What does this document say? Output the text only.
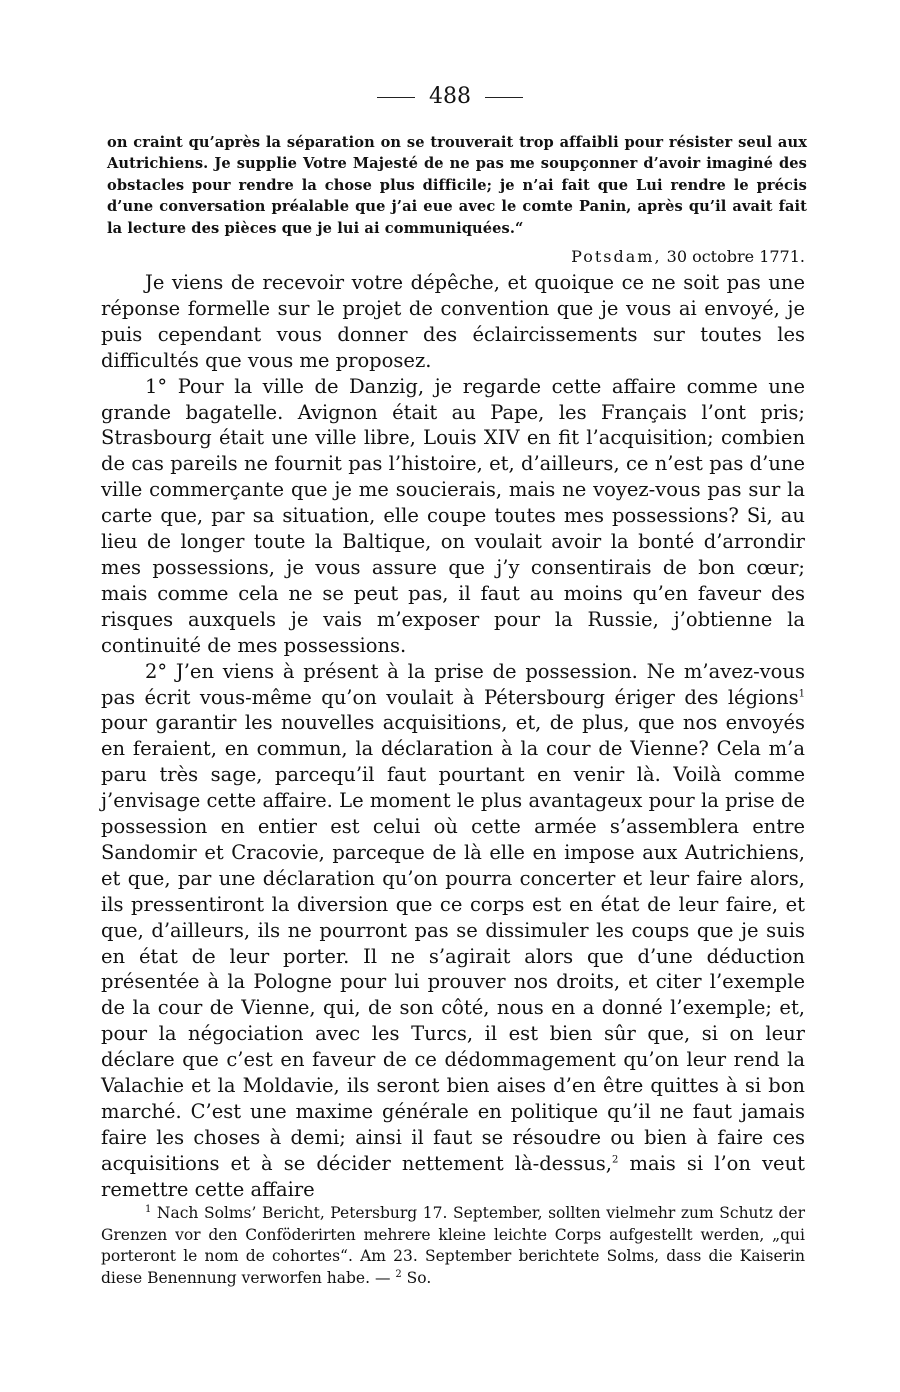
488
on craint qu’après la séparation on se trouverait trop affaibli pour résister seul aux Autrichiens. Je supplie Votre Majesté de ne pas me soupçonner d’avoir imaginé des obstacles pour rendre la chose plus difficile; je n’ai fait que Lui rendre le précis d’une conversation préalable que j’ai eue avec le comte Panin, après qu’il avait fait la lecture des pièces que je lui ai communiquées.“
Potsdam, 30 octobre 1771.

Je viens de recevoir votre dépêche, et quoique ce ne soit pas une réponse formelle sur le projet de convention que je vous ai envoyé, je puis cependant vous donner des éclaircissements sur toutes les difficultés que vous me proposez.

1° Pour la ville de Danzig, je regarde cette affaire comme une grande bagatelle. Avignon était au Pape, les Français l’ont pris; Strasbourg était une ville libre, Louis XIV en fit l’acquisition; combien de cas pareils ne fournit pas l’histoire, et, d’ailleurs, ce n’est pas d’une ville commerçante que je me soucierais, mais ne voyez-vous pas sur la carte que, par sa situation, elle coupe toutes mes possessions? Si, au lieu de longer toute la Baltique, on voulait avoir la bonté d’arrondir mes possessions, je vous assure que j’y consentirais de bon cœur; mais comme cela ne se peut pas, il faut au moins qu’en faveur des risques auxquels je vais m’exposer pour la Russie, j’obtienne la continuité de mes possessions.

2° J’en viens à présent à la prise de possession. Ne m’avez-vous pas écrit vous-même qu’on voulait à Pétersbourg ériger des légions$^1$ pour garantir les nouvelles acquisitions, et, de plus, que nos envoyés en feraient, en commun, la déclaration à la cour de Vienne? Cela m’a paru très sage, parcequ’il faut pourtant en venir là. Voilà comme j’envisage cette affaire. Le moment le plus avantageux pour la prise de possession en entier est celui où cette armée s’assemblera entre Sandomir et Cracovie, parceque de là elle en impose aux Autrichiens, et que, par une déclaration qu’on pourra concerter et leur faire alors, ils pressentiront la diversion que ce corps est en état de leur faire, et que, d’ailleurs, ils ne pourront pas se dissimuler les coups que je suis en état de leur porter. Il ne s’agirait alors que d’une déduction présentée à la Pologne pour lui prouver nos droits, et citer l’exemple de la cour de Vienne, qui, de son côté, nous en a donné l’exemple; et, pour la négociation avec les Turcs, il est bien sûr que, si on leur déclare que c’est en faveur de ce dédommagement qu’on leur rend la Valachie et la Moldavie, ils seront bien aises d’en être quittes à si bon marché. C’est une maxime générale en politique qu’il ne faut jamais faire les choses à demi; ainsi il faut se résoudre ou bien à faire ces acquisitions et à se décider nettement là-dessus,$^2$ mais si l’on veut remettre cette affaire

$^1$ Nach Solms’ Bericht, Petersburg 17. September, sollten vielmehr zum Schutz der Grenzen vor den Conföderirten mehrere kleine leichte Corps aufgestellt werden, „qui porteront le nom de cohortes“. Am 23. September berichtete Solms, dass die Kaiserin diese Benennung verworfen habe. — $^2$ So.
